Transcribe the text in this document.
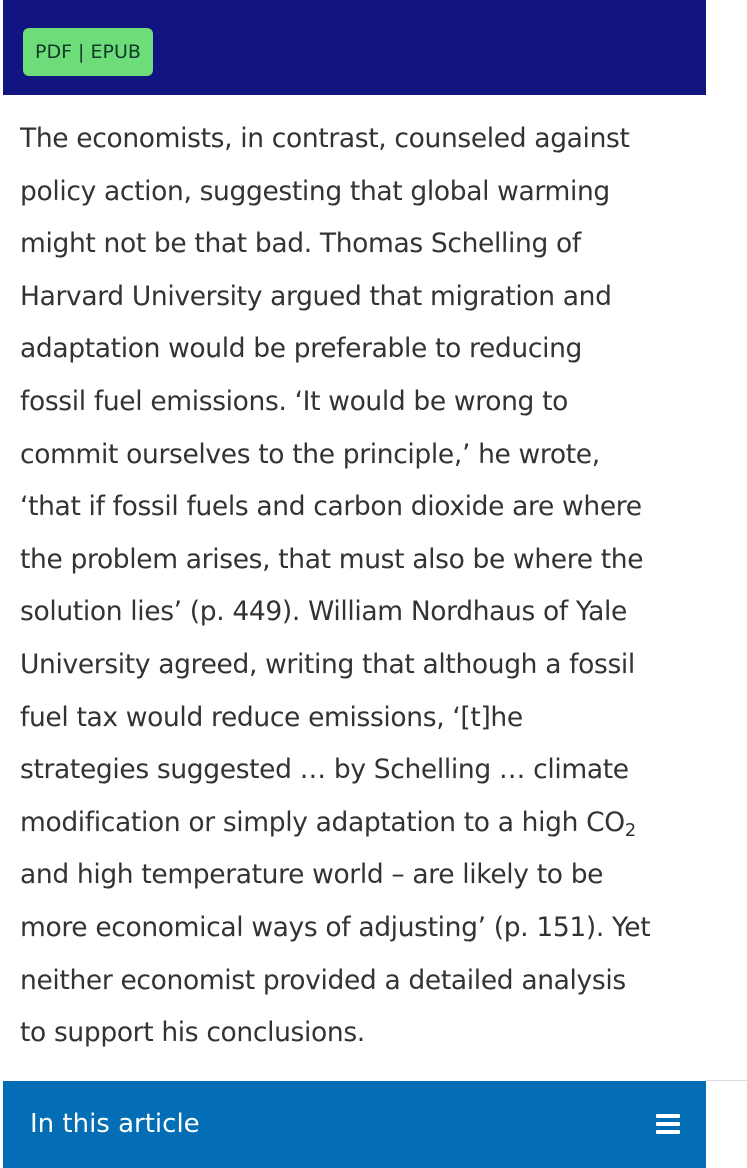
PDF | EPUB

The economists, in contrast, counseled against
policy action, suggesting that global warming
might not be that bad. Thomas Schelling of
Harvard University argued that migration and
adaptation would be preferable to reducing
fossil fuel emissions. ‘It would be wrong to
commit ourselves to the principle,’ he wrote,
‘that if fossil fuels and carbon dioxide are where
the problem arises, that must also be where the
solution lies’ (p. 449). William Nordhaus of Yale
University agreed, writing that although a fossil
fuel tax would reduce emissions, ‘[t]he
strategies suggested … by Schelling … climate
modification or simply adaptation to a high $CO_2$
and high temperature world – are likely to be
more economical ways of adjusting’ (p. 151). Yet
neither economist provided a detailed analysis
to support his conclusions.

In this article
